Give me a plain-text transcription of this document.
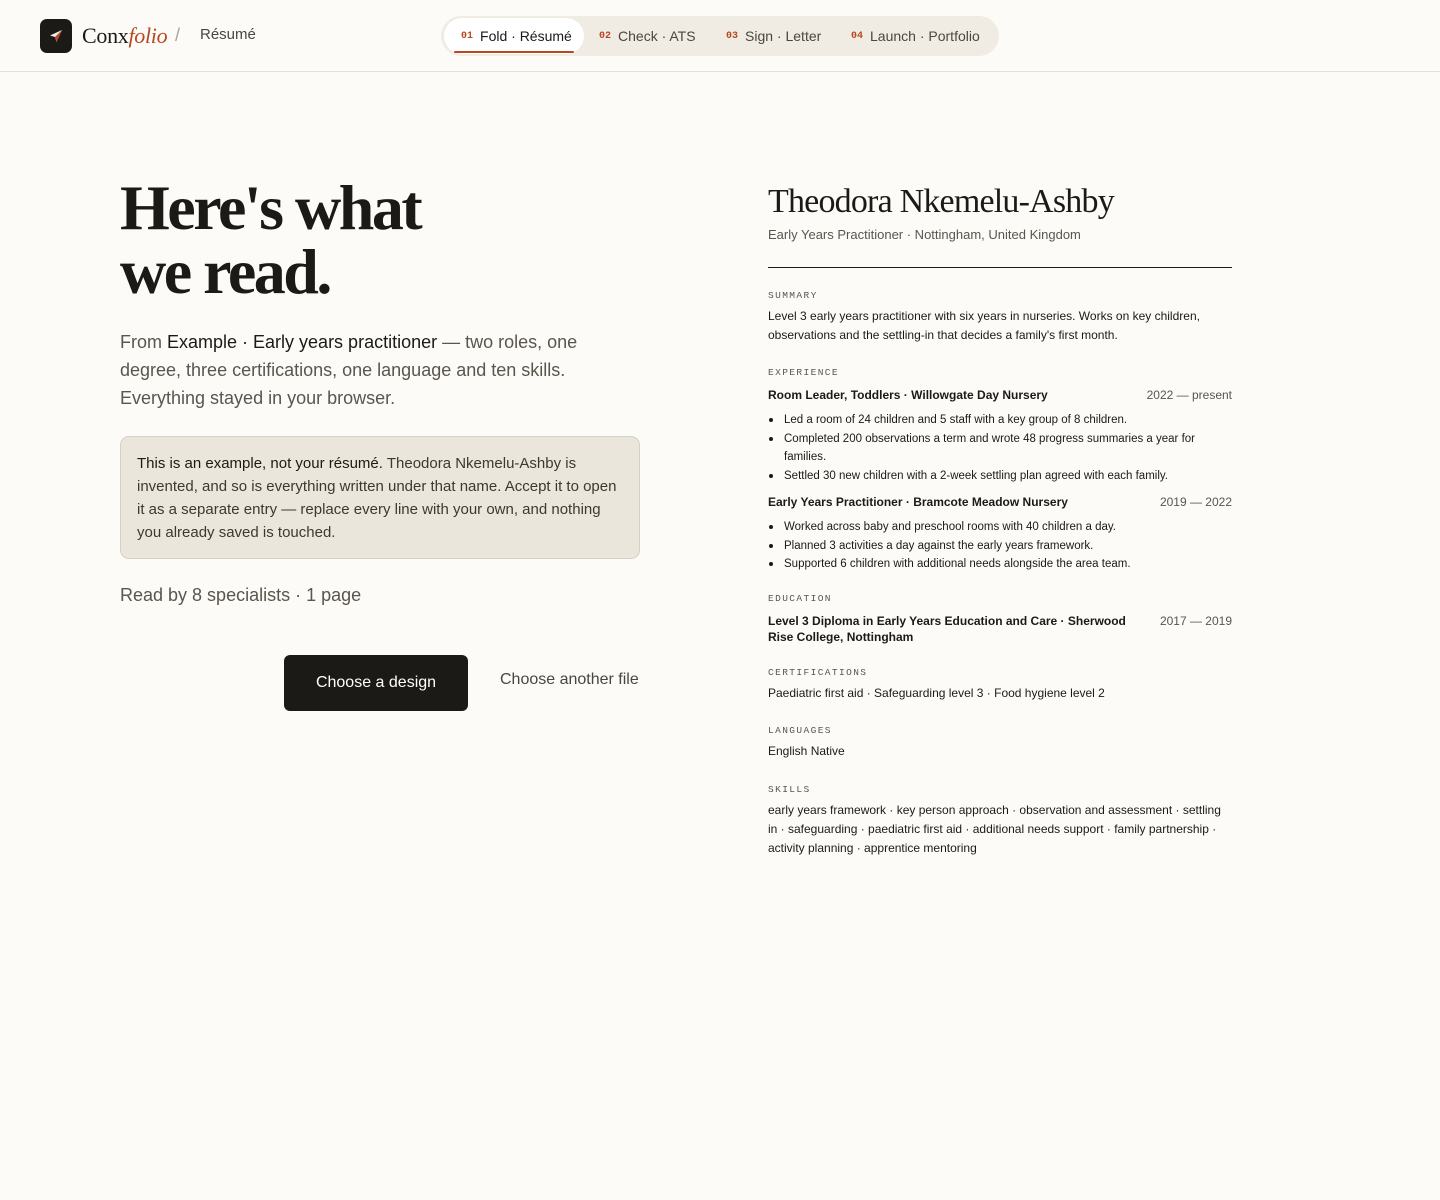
Conxfolio / Résumé	01 Fold · Résumé	02 Check · ATS	03 Sign · Letter	04 Launch · Portfolio
Here's what
we read.

From Example · Early years practitioner — two roles, one degree, three certifications, one language and ten skills. Everything stayed in your browser.

This is an example, not your résumé. Theodora Nkemelu-Ashby is invented, and so is everything written under that name. Accept it to open it as a separate entry — replace every line with your own, and nothing you already saved is touched.
Read by 8 specialists · 1 page
Choose a design	Choose another file
Theodora Nkemelu-Ashby
Early Years Practitioner · Nottingham, United Kingdom
SUMMARY
Level 3 early years practitioner with six years in nurseries. Works on key children, observations and the settling-in that decides a family's first month.
EXPERIENCE
Room Leader, Toddlers · Willowgate Day Nursery	2022 — present
Led a room of 24 children and 5 staff with a key group of 8 children.
Completed 200 observations a term and wrote 48 progress summaries a year for families.
Settled 30 new children with a 2-week settling plan agreed with each family.
Early Years Practitioner · Bramcote Meadow Nursery	2019 — 2022
Worked across baby and preschool rooms with 40 children a day.
Planned 3 activities a day against the early years framework.
Supported 6 children with additional needs alongside the area team.
EDUCATION
Level 3 Diploma in Early Years Education and Care · Sherwood Rise College, Nottingham
2017 — 2019
CERTIFICATIONS
Paediatric first aid · Safeguarding level 3 · Food hygiene level 2
LANGUAGES
English Native
SKILLS
early years framework · key person approach · observation and assessment · settling in · safeguarding · paediatric first aid · additional needs support · family partnership · activity planning · apprentice mentoring
